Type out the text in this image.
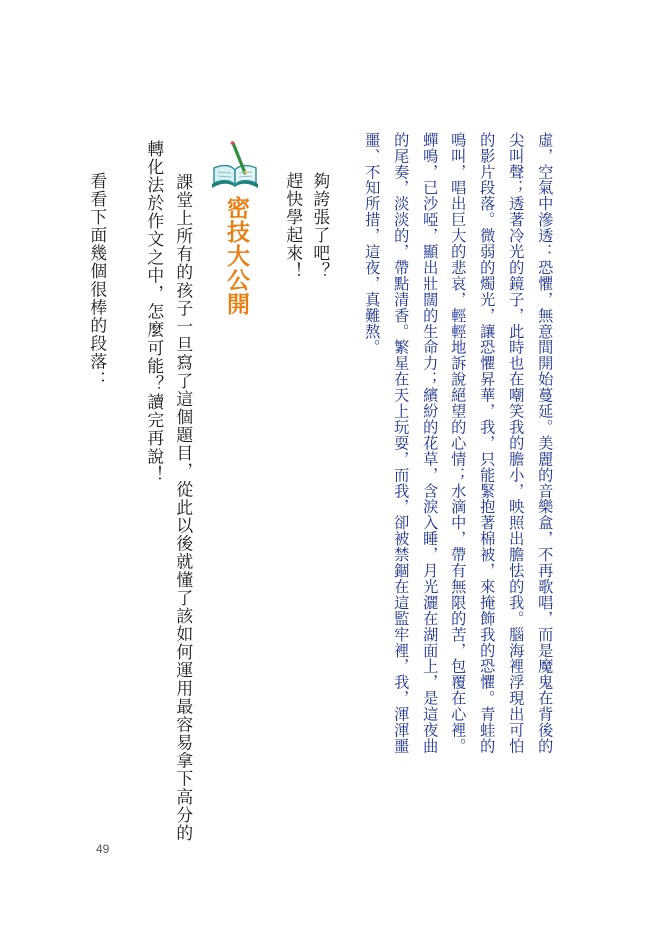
虛，空氣中滲透：恐懼，無意間開始蔓延。美麗的音樂盒，不再歌唱，而是魔鬼在背後的
尖叫聲；透著冷光的鏡子，此時也在嘲笑我的膽小，映照出膽怯的我。腦海裡浮現出可怕
的影片段落。微弱的燭光，讓恐懼昇華，我，只能緊抱著棉被，來掩飾我的恐懼。青蛙的
鳴叫，唱出巨大的悲哀，輕輕地訴說絕望的心情；水滴中，帶有無限的苦，包覆在心裡。
蟬鳴，已沙啞，顯出壯闊的生命力；繽紛的花草，含淚入睡，月光灑在湖面上，是這夜曲
的尾奏，淡淡的，帶點清香。繁星在天上玩耍，而我，卻被禁錮在這監牢裡，我，渾渾噩
噩、不知所措，這夜，真難熬。
夠誇張了吧？
趕快學起來！
密技大公開
課堂上所有的孩子一旦寫了這個題目，從此以後就懂了該如何運用最容易拿下高分的
轉化法於作文之中，怎麼可能？讀完再說！
看看下面幾個很棒的段落：
49
